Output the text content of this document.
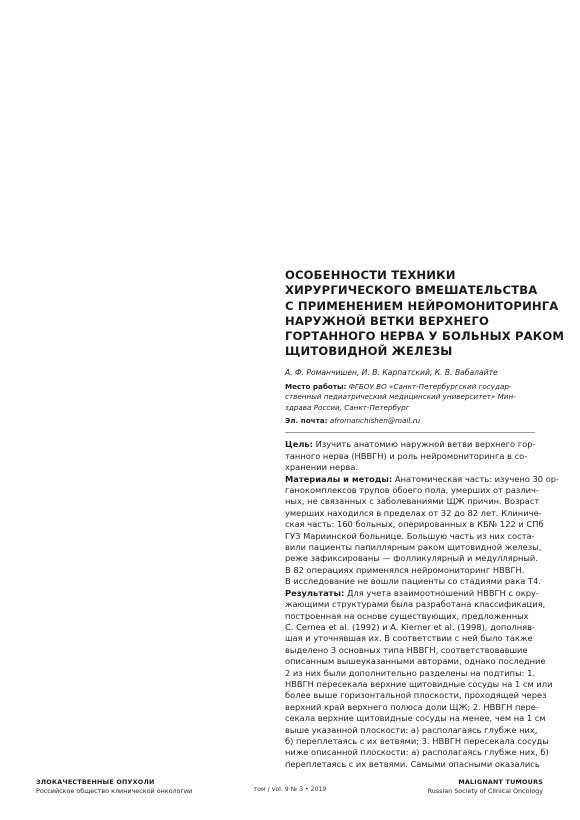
ОСОБЕННОСТИ ТЕХНИКИ
ХИРУРГИЧЕСКОГО ВМЕШАТЕЛЬСТВА
С ПРИМЕНЕНИЕМ НЕЙРОМОНИТОРИНГА
НАРУЖНОЙ ВЕТКИ ВЕРХНЕГО
ГОРТАННОГО НЕРВА У БОЛЬНЫХ РАКОМ
ЩИТОВИДНОЙ ЖЕЛЕЗЫ
А. Ф. Романчишен, И. В. Карпатский, К. В. Вабалайте
Место работы: ФГБОУ ВО «Санкт-Петербургский государ-
ственный педиатрический медицинский университет» Мин-
здрава России, Санкт-Петербург
Эл. почта: afromanchishen@mail.ru
Цель: Изучить анатомию наружной ветви верхнего гор-
танного нерва (НВВГН) и роль нейромониторинга в со-
хранении нерва.
Материалы и методы: Анатомическая часть: изучено 30 ор-
ганокомплексов трупов обоего пола, умерших от различ-
ных, не связанных с заболеваниями ЩЖ причин. Возраст
умерших находился в пределах от 32 до 82 лет. Клиниче-
ская часть: 160 больных, оперированных в КБ№ 122 и СПб
ГУЗ Мариинской больнице. Большую часть из них соста-
вили пациенты папиллярным раком щитовидной железы,
реже зафиксированы — фолликулярный и медуллярный.
В 82 операциях применялся нейромониторинг НВВГН.
В исследование не вошли пациенты со стадиями рака Т4.
Результаты: Для учета взаимоотношений НВВГН с окру-
жающими структурами была разработана классификация,
построенная на основе существующих, предложенных
C. Cernea et al. (1992) и A. Kierner et al. (1998), дополняв-
шая и уточнявшая их. В соответствии с ней было также
выделено 3 основных типа НВВГН, соответствовавшие
описанным вышеуказанными авторами, однако последние
2 из них были дополнительно разделены на подтипы: 1.
НВВГН пересекала верхние щитовидные сосуды на 1 см или
более выше горизонтальной плоскости, проходящей через
верхний край верхнего полюса доли ЩЖ; 2. НВВГН пере-
секала верхние щитовидные сосуды на менее, чем на 1 см
выше указанной плоскости: а) располагаясь глубже них,
б) переплетаясь с их ветвями; 3. НВВГН пересекала сосуды
ниже описанной плоскости: а) располагаясь глубже них, б)
переплетаясь с их ветвями. Самыми опасными оказались
ЗЛОКАЧЕСТВЕННЫЕ ОПУХОЛИ
Российское общество клинической онкологии	том / vol. 9 № 3 • 2019
MALIGNANT TUMOURS
Russian Society of Clinical Oncology
